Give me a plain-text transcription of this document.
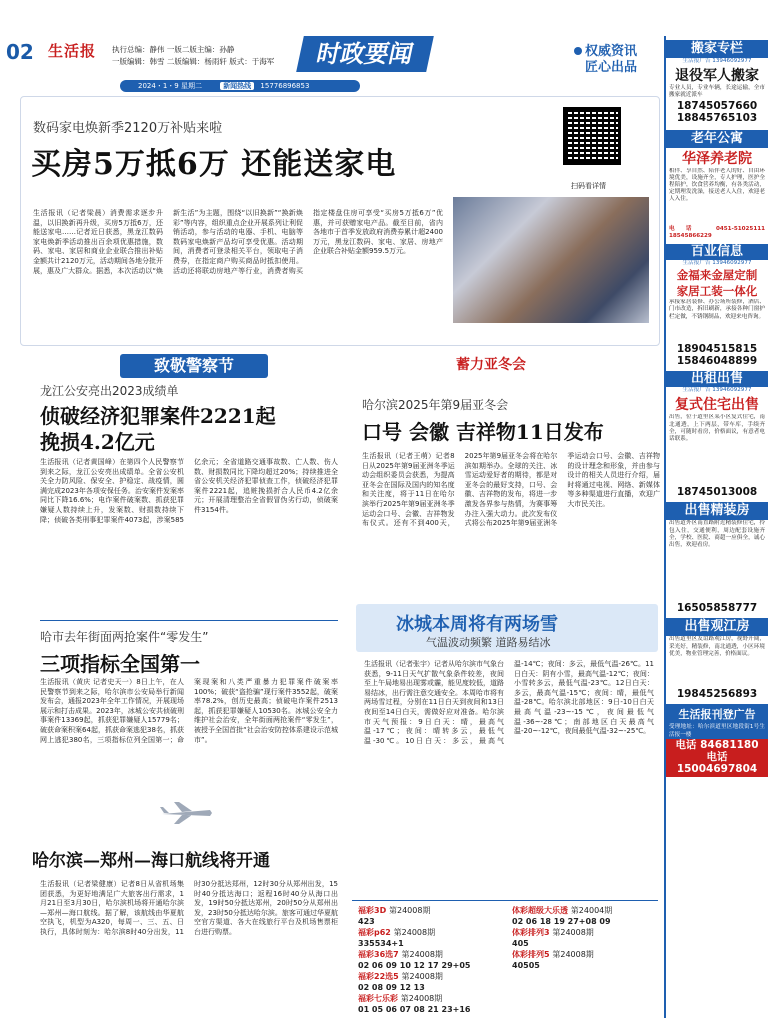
02 生活报 执行总编：静伟 一版二版主编：孙静
一版编辑：韩雪 二版编辑：杨雨轩 版式：于海军	时政要闻	权威资讯
匠心出品
2024・1・9 星期二	新闻热线 15776896853
数码家电焕新季2120万补贴来啦
买房5万抵6万 还能送家电
扫码看详情

生活报讯（记者梁晨）消费需求逐步升温，以旧换新再升级，买房5万抵6万，还能送家电……记者近日获悉，黑龙江数码家电焕新季活动推出百余项优惠措施，数码、家电、家居和商业企业联合推出补贴金额共计2120万元，活动期间各地分批开展，惠及广大群众。据悉，本次活动以“焕新生活”为主题，围绕“以旧换新”“换新焕彩”等内容，组织重点企业开展系列让利促销活动，参与活动的电器、手机、电脑等数码家电焕新产品均可享受优惠。活动期间，消费者可登录相关平台，领取电子消费券，在指定商户购买商品时抵扣使用。活动还将联动房地产等行业，消费者购买指定楼盘住房可享受“买房5万抵6万”优惠，并可获赠家电产品。截至目前，省内各地市于首季发放政府消费券累计超2400万元，黑龙江数码、家电、家居、房地产企业联合补贴金额959.5万元。

致敬警察节
龙江公安亮出2023成绩单
侦破经济犯罪案件2221起
挽损4.2亿元

生活报讯（记者黄国峰）在第四个人民警察节到来之际，龙江公安亮出成绩单。全省公安机关全力防风险、保安全、护稳定、战疫情，圆满完成2023年各项安保任务。治安案件发案率同比下降16.6%；电诈案件破案数、抓获犯罪嫌疑人数持续上升，发案数、财损数持续下降；侦破各类刑事犯罪案件4073起，涉案585亿余元；全省道路交通事故数、亡人数、伤人数、财损数同比下降均超过20%；持续推进全省公安机关经济犯罪侦查工作，侦破经济犯罪案件2221起，追赃挽损折合人民币4.2亿余元；开展清理整治全省假冒伪劣行动，侦破案件3154件。

哈市去年街面两抢案件“零发生”
三项指标全国第一

生活报讯（黄庆 记者史天一）8日上午，在人民警察节到来之际，哈尔滨市公安局举行新闻发布会，通报2023年全年工作情况，开展现场展示和打击成果。2023年，冰城公安共侦破刑事案件13369起，抓获犯罪嫌疑人15779名；破获命案积案64起，抓获命案逃犯38名，抓获网上逃犯380名，三项指标位列全国第一；命案现案和八类严重暴力犯罪案件破案率100%；破获“盗抢骗”现行案件3552起，破案率78.2%，创历史最高；侦破电诈案件2513起，抓获犯罪嫌疑人10530名。冰城公安全力维护社会治安，全年街面两抢案件“零发生”，被授予全国首批“社会治安防控体系建设示范城市”。

哈尔滨—郑州—海口航线将开通

生活报讯（记者梁健康）记者8日从省机场集团获悉，为更好地满足广大旅客出行需求，1月21日至3月30日，哈尔滨机场将开通哈尔滨—郑州—海口航线。据了解，该航线由华夏航空执飞，机型为A320，每周一、三、五、日执行，具体时刻为：哈尔滨8时40分出发，11时30分抵达郑州，12时30分从郑州出发，15时40分抵达海口；返程16时40分从海口出发，19时50分抵达郑州，20时50分从郑州出发，23时50分抵达哈尔滨。旅客可通过华夏航空官方渠道、各大在线旅行平台及机场售票柜台进行购票。

蓄力亚冬会
哈尔滨2025年第9届亚冬会
口号 会徽 吉祥物11日发布

生活报讯（记者王萌）记者8日从2025年第9届亚洲冬季运动会组织委员会获悉，为提高亚冬会在国际及国内的知名度和关注度，将于11日在哈尔滨举行2025年第9届亚洲冬季运动会口号、会徽、吉祥物发布仪式。还有不到400天，2025年第9届亚冬会将在哈尔滨如期举办。全球的关注、冰雪运动爱好者的期待，都是对亚冬会的最好支持，口号、会徽、吉祥物的发布，将进一步激发各界参与热情，为赛事筹办注入强大动力。此次发布仪式将公布2025年第9届亚洲冬季运动会口号、会徽、吉祥物的设计理念和形象，并由参与设计的相关人员进行介绍，届时将通过电视、网络、新媒体等多种渠道进行直播，欢迎广大市民关注。

冰城本周将有两场雪
气温波动频繁 道路易结冰

生活报讯（记者张宇）记者从哈尔滨市气象台获悉，9-11日天气扩散气象条件较差，夜间至上午局地易出现雾或霾，能见度较低，道路易结冰，出行需注意交通安全。本周哈市将有两场雪过程，分别在11日白天到夜间和13日夜间至14日白天，需做好应对准备。哈尔滨市天气预报：9日白天：晴，最高气温-17℃；夜间：晴转多云，最低气温-30℃。10日白天：多云，最高气温-14℃；夜间：多云，最低气温-26℃。11日白天：阴有小雪，最高气温-12℃；夜间：小雪转多云，最低气温-23℃。12日白天：多云，最高气温-15℃；夜间：晴，最低气温-28℃。哈尔滨北部地区：9日-10日白天最高气温-23~-15℃，夜间最低气温-36~-28℃；南部地区白天最高气温-20~-12℃，夜间最低气温-32~-25℃。

福彩3D 第24008期
423
福彩p62 第24008期
335534+1
福彩36选7 第24008期
02 06 09 10 12 17 29+05
福彩22选5 第24008期
02 08 09 12 13
福彩七乐彩 第24008期
01 05 06 07 08 21 23+16
体彩超级大乐透 第24004期
02 06 18 19 27+08 09
体彩排列3 第24008期
405
体彩排列5 第24008期
40505
搬家专栏
生活报广告 13946092977
退役军人搬家
专业人员，专业车辆，长途运输，全市搬家就近派车
18745057660
18845765103
老年公寓
华泽养老院
相伴、享自然、陪伴老人的好、自由环境优美，设施齐全，专人护理，医护全程陪护，饮食营养均衡，有各类活动，定期理发洗澡，接送老人入住，欢迎老人入住。
电话 0451-51025111 18545866229
百业信息
生活报广告 13946092977
金福来金屋定制
家居工装一体化
承接家居装修、办公场所装修，酒店、门市改造，拆旧刷新，承接各种门窗护栏定做，不锈钢制品，欢迎来电咨询。
18904515815
15846048899
出租出售
生活报广告 13946092977
复式住宅出售
出售，位于道里区某小区复式住宅，南北通透，上下两层，带车库，手续齐全，可随时看房，价格面议，有意者电话联系。
18745013008
出售精装房
出售道外区南直路附近精装修住宅，拎包入住，交通便利，周边配套设施齐全，学校、医院、商超一应俱全，诚心出售，欢迎看房。
16505858777
出售观江房
出售道里区友谊路观江房，视野开阔，采光好，精装修，南北通透，小区环境优美，物业管理完善，价格面议。
19845256893
生活报刊登广告
受理地址：哈尔滨道里区地段街1号生活报一楼
电话 84681180
电话 15004697804
